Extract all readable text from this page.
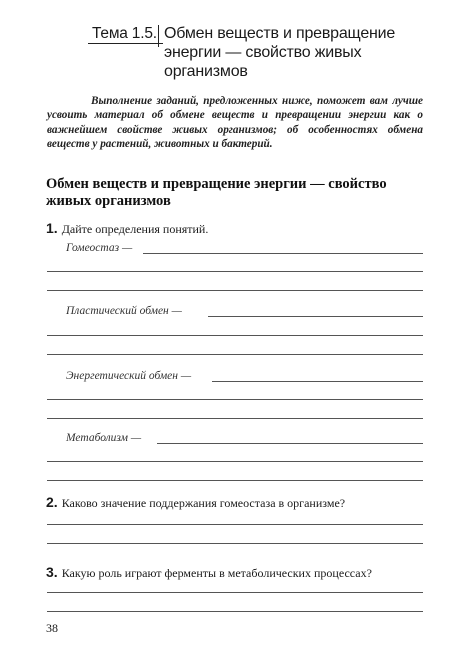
Тема 1.5. Обмен веществ и превращение энергии — свойство живых организмов
Выполнение заданий, предложенных ниже, поможет вам лучше усвоить материал об обмене веществ и превращении энергии как о важнейшем свойстве живых организмов; об особенностях обмена веществ у растений, животных и бактерий.
Обмен веществ и превращение энергии — свойство живых организмов
1. Дайте определения понятий.
Гомеостаз —
Пластический обмен —
Энергетический обмен —
Метаболизм —
2. Каково значение поддержания гомеостаза в организме?
3. Какую роль играют ферменты в метаболических процессах?
38
